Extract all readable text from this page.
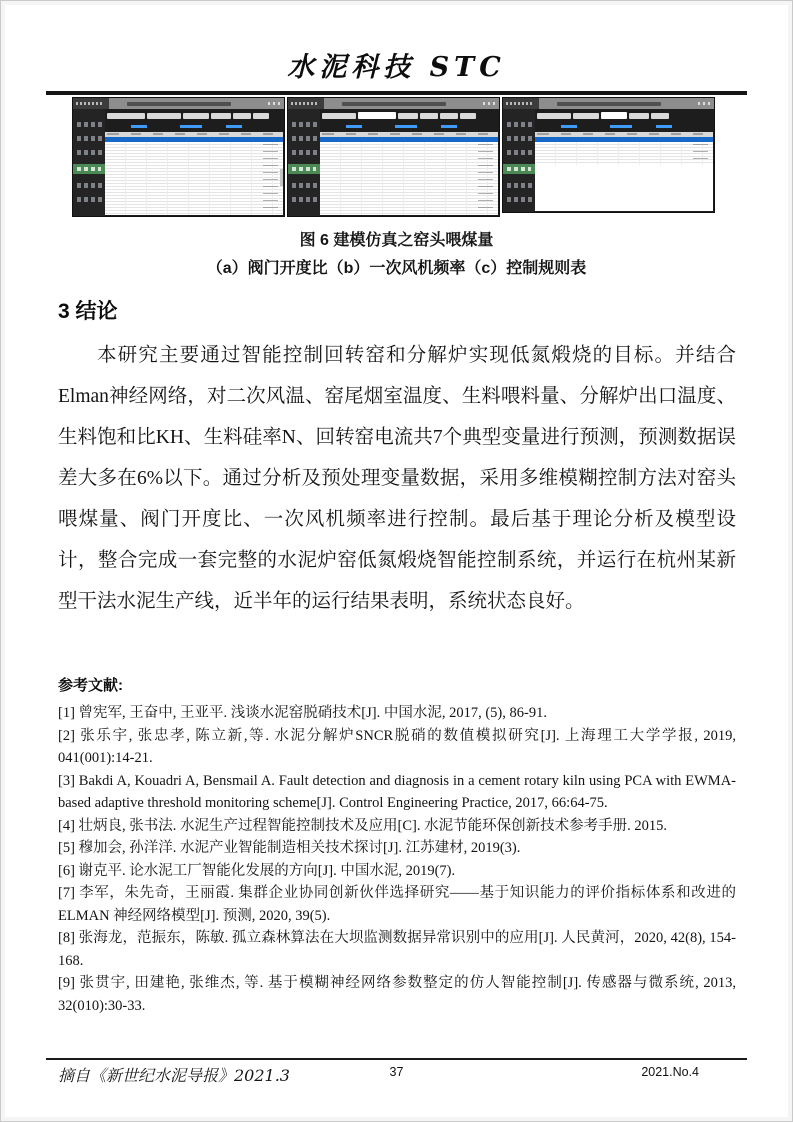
水泥科技 STC
图 6 建模仿真之窑头喂煤量
（a）阀门开度比（b）一次风机频率（c）控制规则表
3 结论
本研究主要通过智能控制回转窑和分解炉实现低氮煅烧的目标。并结合Elman神经网络，对二次风温、窑尾烟室温度、生料喂料量、分解炉出口温度、生料饱和比KH、生料硅率N、回转窑电流共7个典型变量进行预测，预测数据误差大多在6%以下。通过分析及预处理变量数据，采用多维模糊控制方法对窑头喂煤量、阀门开度比、一次风机频率进行控制。最后基于理论分析及模型设计，整合完成一套完整的水泥炉窑低氮煅烧智能控制系统，并运行在杭州某新型干法水泥生产线，近半年的运行结果表明，系统状态良好。
参考文献:
[1] 曾宪军, 王奋中, 王亚平. 浅谈水泥窑脱硝技术[J]. 中国水泥, 2017, (5), 86-91.
[2] 张乐宇, 张忠孝, 陈立新,等. 水泥分解炉SNCR脱硝的数值模拟研究[J]. 上海理工大学学报, 2019, 041(001):14-21.
[3] Bakdi A, Kouadri A, Bensmail A. Fault detection and diagnosis in a cement rotary kiln using PCA with EWMA-based adaptive threshold monitoring scheme[J]. Control Engineering Practice, 2017, 66:64-75.
[4] 壮炳良, 张书法. 水泥生产过程智能控制技术及应用[C]. 水泥节能环保创新技术参考手册. 2015.
[5] 穆加会, 孙洋洋. 水泥产业智能制造相关技术探讨[J]. 江苏建材, 2019(3).
[6] 谢克平. 论水泥工厂智能化发展的方向[J]. 中国水泥, 2019(7).
[7] 李军，朱先奇，王丽霞. 集群企业协同创新伙伴选择研究——基于知识能力的评价指标体系和改进的 ELMAN 神经网络模型[J]. 预测, 2020, 39(5).
[8] 张海龙，范振东，陈敏. 孤立森林算法在大坝监测数据异常识别中的应用[J]. 人民黄河，2020, 42(8), 154-168.
[9] 张贯宇, 田建艳, 张维杰, 等. 基于模糊神经网络参数整定的仿人智能控制[J]. 传感器与微系统, 2013, 32(010):30-33.
摘自《新世纪水泥导报》2021.3	37	2021.No.4
